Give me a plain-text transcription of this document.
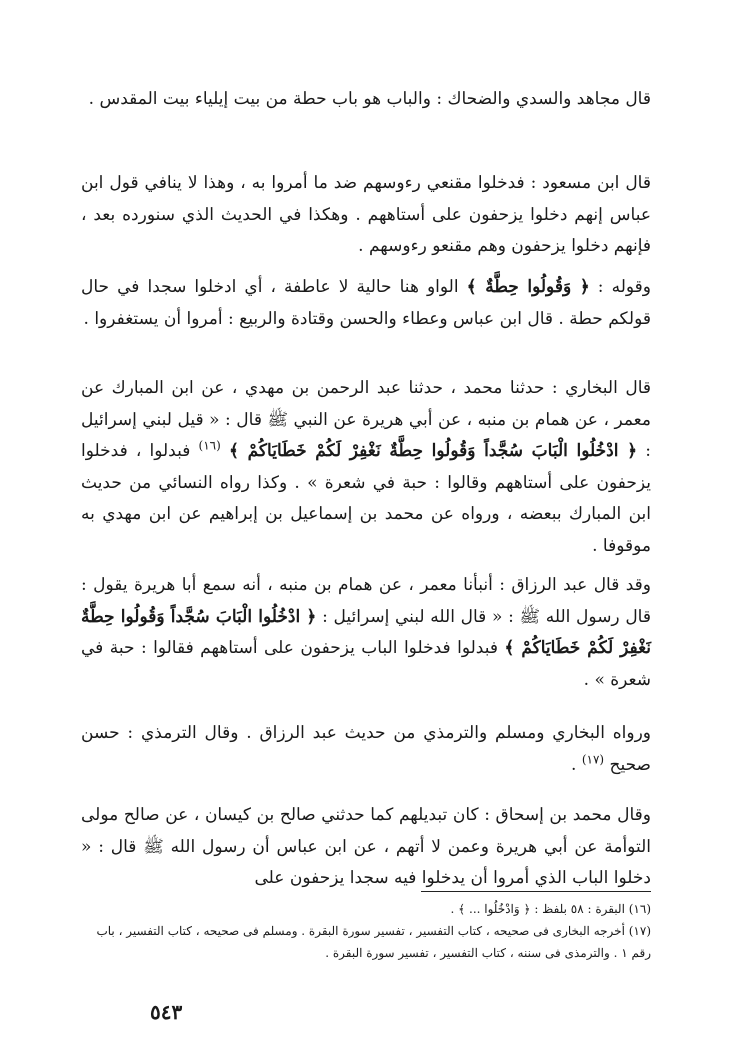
قال مجاهد والسدي والضحاك : والباب هو باب حطة من بيت إيلياء بيت المقدس .

قال ابن مسعود : فدخلوا مقنعي رءوسهم ضد ما أمروا به ، وهذا لا ينافي قول ابن عباس إنهم دخلوا يزحفون على أستاههم . وهكذا في الحديث الذي سنورده بعد ، فإنهم دخلوا يزحفون وهم مقنعو رءوسهم .

وقوله : ﴿ وَقُولُوا حِطَّةٌ ﴾ الواو هنا حالية لا عاطفة ، أي ادخلوا سجدا في حال قولكم حطة . قال ابن عباس وعطاء والحسن وقتادة والربيع : أمروا أن يستغفروا .

قال البخاري : حدثنا محمد ، حدثنا عبد الرحمن بن مهدي ، عن ابن المبارك عن معمر ، عن همام بن منبه ، عن أبي هريرة عن النبي ﷺ قال : « قيل لبني إسرائيل : ﴿ ادْخُلُوا الْبَابَ سُجَّداً وَقُولُوا حِطَّةٌ نَغْفِرْ لَكُمْ خَطَايَاكُمْ ﴾ $^{(١٦)}$ فبدلوا ، فدخلوا يزحفون على أستاههم وقالوا : حبة في شعرة » . وكذا رواه النسائي من حديث ابن المبارك ببعضه ، ورواه عن محمد بن إسماعيل بن إبراهيم عن ابن مهدي به موقوفا .

وقد قال عبد الرزاق : أنبأنا معمر ، عن همام بن منبه ، أنه سمع أبا هريرة يقول : قال رسول الله ﷺ : « قال الله لبني إسرائيل : ﴿ ادْخُلُوا الْبَابَ سُجَّداً وَقُولُوا حِطَّةٌ نَغْفِرْ لَكُمْ خَطَايَاكُمْ ﴾ فبدلوا فدخلوا الباب يزحفون على أستاههم فقالوا : حبة في شعرة » .

ورواه البخاري ومسلم والترمذي من حديث عبد الرزاق . وقال الترمذي : حسن صحيح $^{(١٧)}$ .

وقال محمد بن إسحاق : كان تبديلهم كما حدثني صالح بن كيسان ، عن صالح مولى التوأمة عن أبي هريرة وعمن لا أتهم ، عن ابن عباس أن رسول الله ﷺ قال : « دخلوا الباب الذي أمروا أن يدخلوا فيه سجدا يزحفون على

(١٦) البقرة : ٥٨ بلفظ : ﴿ وَادْخُلُوا ... ﴾ .
(١٧) أخرجه البخارى فى صحيحه ، كتاب التفسير ، تفسير سورة البقرة . ومسلم فى صحيحه ، كتاب التفسير ، باب رقم ١ . والترمذى فى سننه ، كتاب التفسير ، تفسير سورة البقرة .
٥٤٣
